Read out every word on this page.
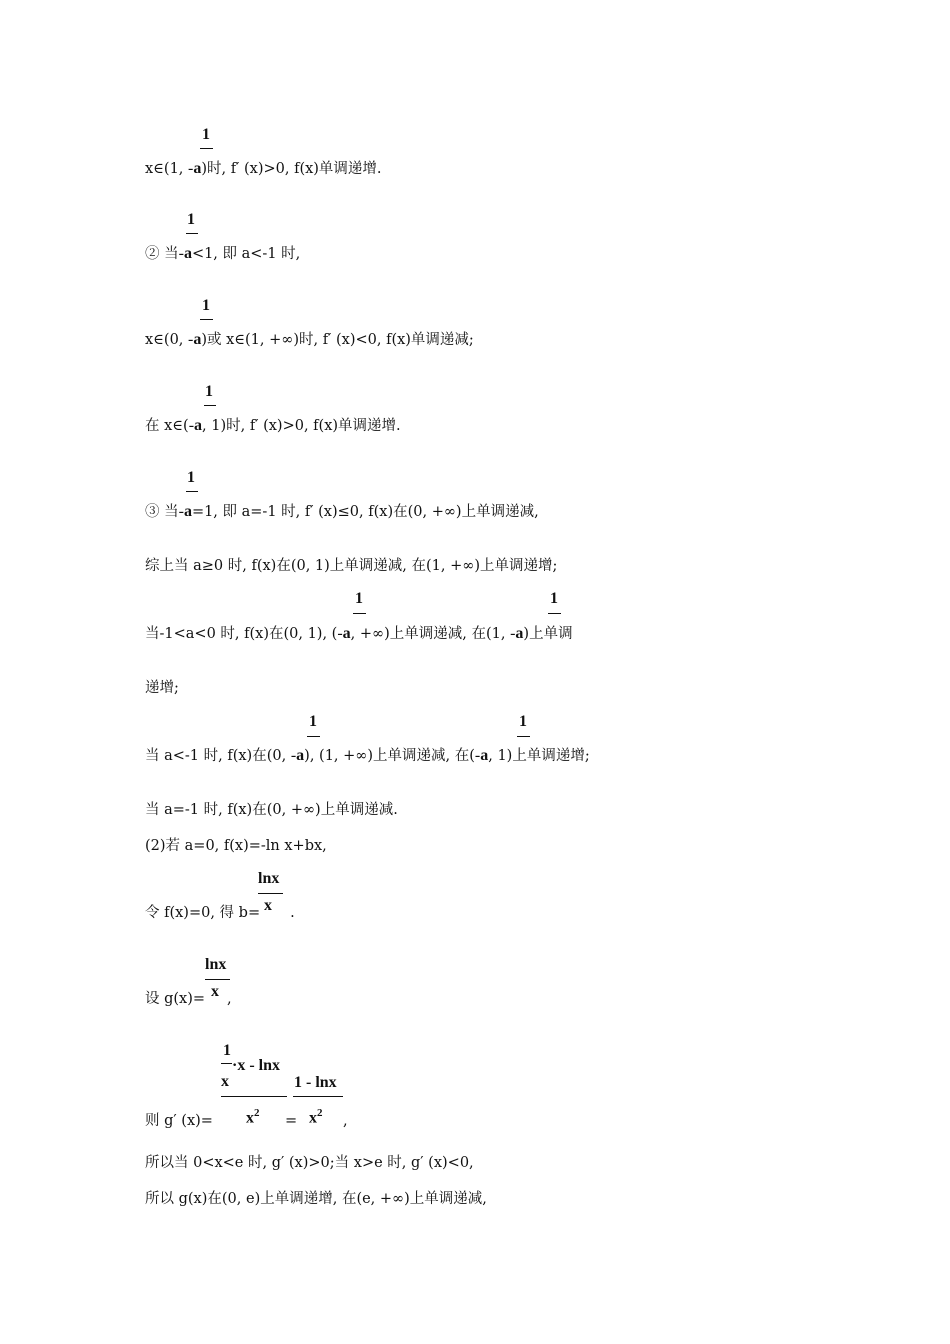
1
x∈(1, -a)时, f′ (x)>0, f(x)单调递增.
1
② 当-a<1, 即 a<-1 时,
1
x∈(0, -a)或 x∈(1, +∞)时, f′ (x)<0, f(x)单调递减;
1
在 x∈(-a, 1)时, f′ (x)>0, f(x)单调递增.
1
③ 当-a=1, 即 a=-1 时, f′ (x)≤0, f(x)在(0, +∞)上单调递减,
综上当 a≥0 时, f(x)在(0, 1)上单调递减, 在(1, +∞)上单调递增;
1	1
当-1<a<0 时, f(x)在(0, 1), (-a, +∞)上单调递减, 在(1, -a)上单调
递增;
1	1
当 a<-1 时, f(x)在(0, -a), (1, +∞)上单调递减, 在(-a, 1)上单调递增;
当 a=-1 时, f(x)在(0, +∞)上单调递减.
(2)若 a=0, f(x)=-ln x+bx,
lnx
x
令 f(x)=0, 得 b= .
lnx
x
设 g(x)= ,
1
·x - lnx
x
$x^2$
1 - lnx
$x^2$
则 g′ (x)=	=	,
所以当 0<x<e 时, g′ (x)>0;当 x>e 时, g′ (x)<0,
所以 g(x)在(0, e)上单调递增, 在(e, +∞)上单调递减,
